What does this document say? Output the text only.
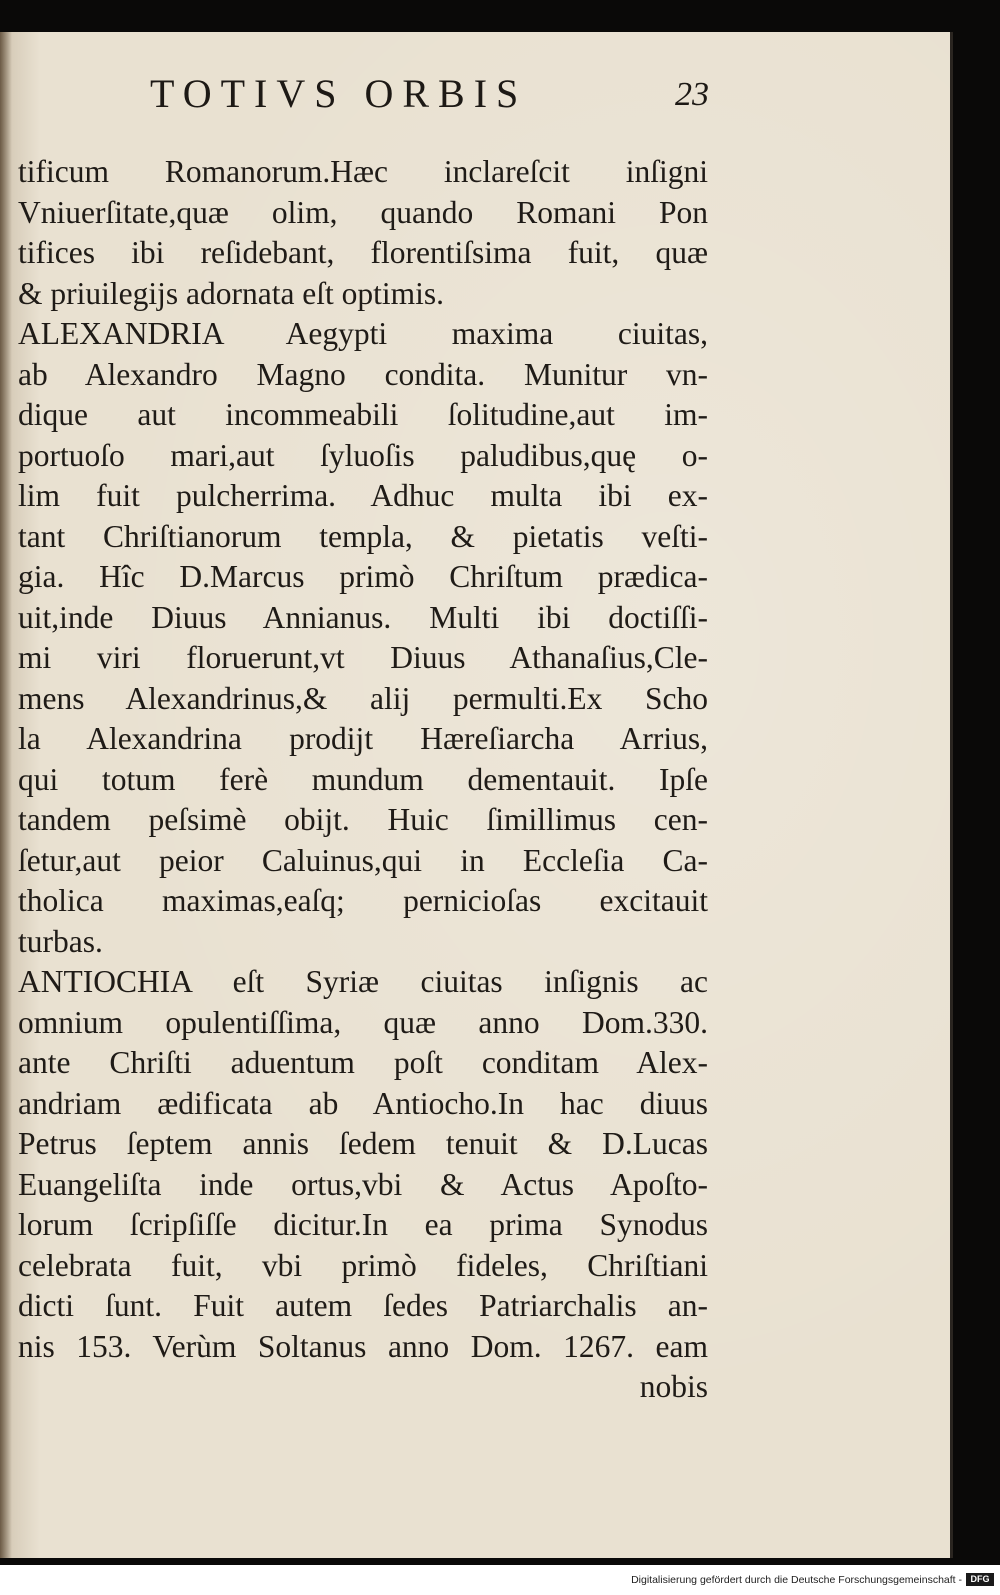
TOTIVS ORBIS	23
tificum Romanorum.Hæc inclareſcit inſigni
Vniuerſitate,quæ olim, quando Romani Pon
tifices ibi reſidebant, florentiſsima fuit, quæ
& priuilegijs adornata eſt optimis.
ALEXANDRIA Aegypti maxima ciuitas,
ab Alexandro Magno condita. Munitur vn-
dique aut incommeabili ſolitudine,aut im-
portuoſo mari,aut ſyluoſis paludibus,quę o-
lim fuit pulcherrima. Adhuc multa ibi ex-
tant Chriſtianorum templa, & pietatis veſti-
gia. Hîc D.Marcus primò Chriſtum prædica-
uit,inde Diuus Annianus. Multi ibi doctiſſi-
mi viri floruerunt,vt Diuus Athanaſius,Cle-
mens Alexandrinus,& alij permulti.Ex Scho
la Alexandrina prodijt Hæreſiarcha Arrius,
qui totum ferè mundum dementauit. Ipſe
tandem peſsimè obijt. Huic ſimillimus cen-
ſetur,aut peior Caluinus,qui in Eccleſia Ca-
tholica maximas,eaſq; pernicioſas excitauit
turbas.
ANTIOCHIA eſt Syriæ ciuitas inſignis ac
omnium opulentiſſima, quæ anno Dom.330.
ante Chriſti aduentum poſt conditam Alex-
andriam ædificata ab Antiocho.In hac diuus
Petrus ſeptem annis ſedem tenuit & D.Lucas
Euangeliſta inde ortus,vbi & Actus Apoſto-
lorum ſcripſiſſe dicitur.In ea prima Synodus
celebrata fuit, vbi primò fideles, Chriſtiani
dicti ſunt. Fuit autem ſedes Patriarchalis an-
nis 153. Verùm Soltanus anno Dom. 1267. eam
nobis
Digitalisierung gefördert durch die Deutsche Forschungsgemeinschaft - DFG
